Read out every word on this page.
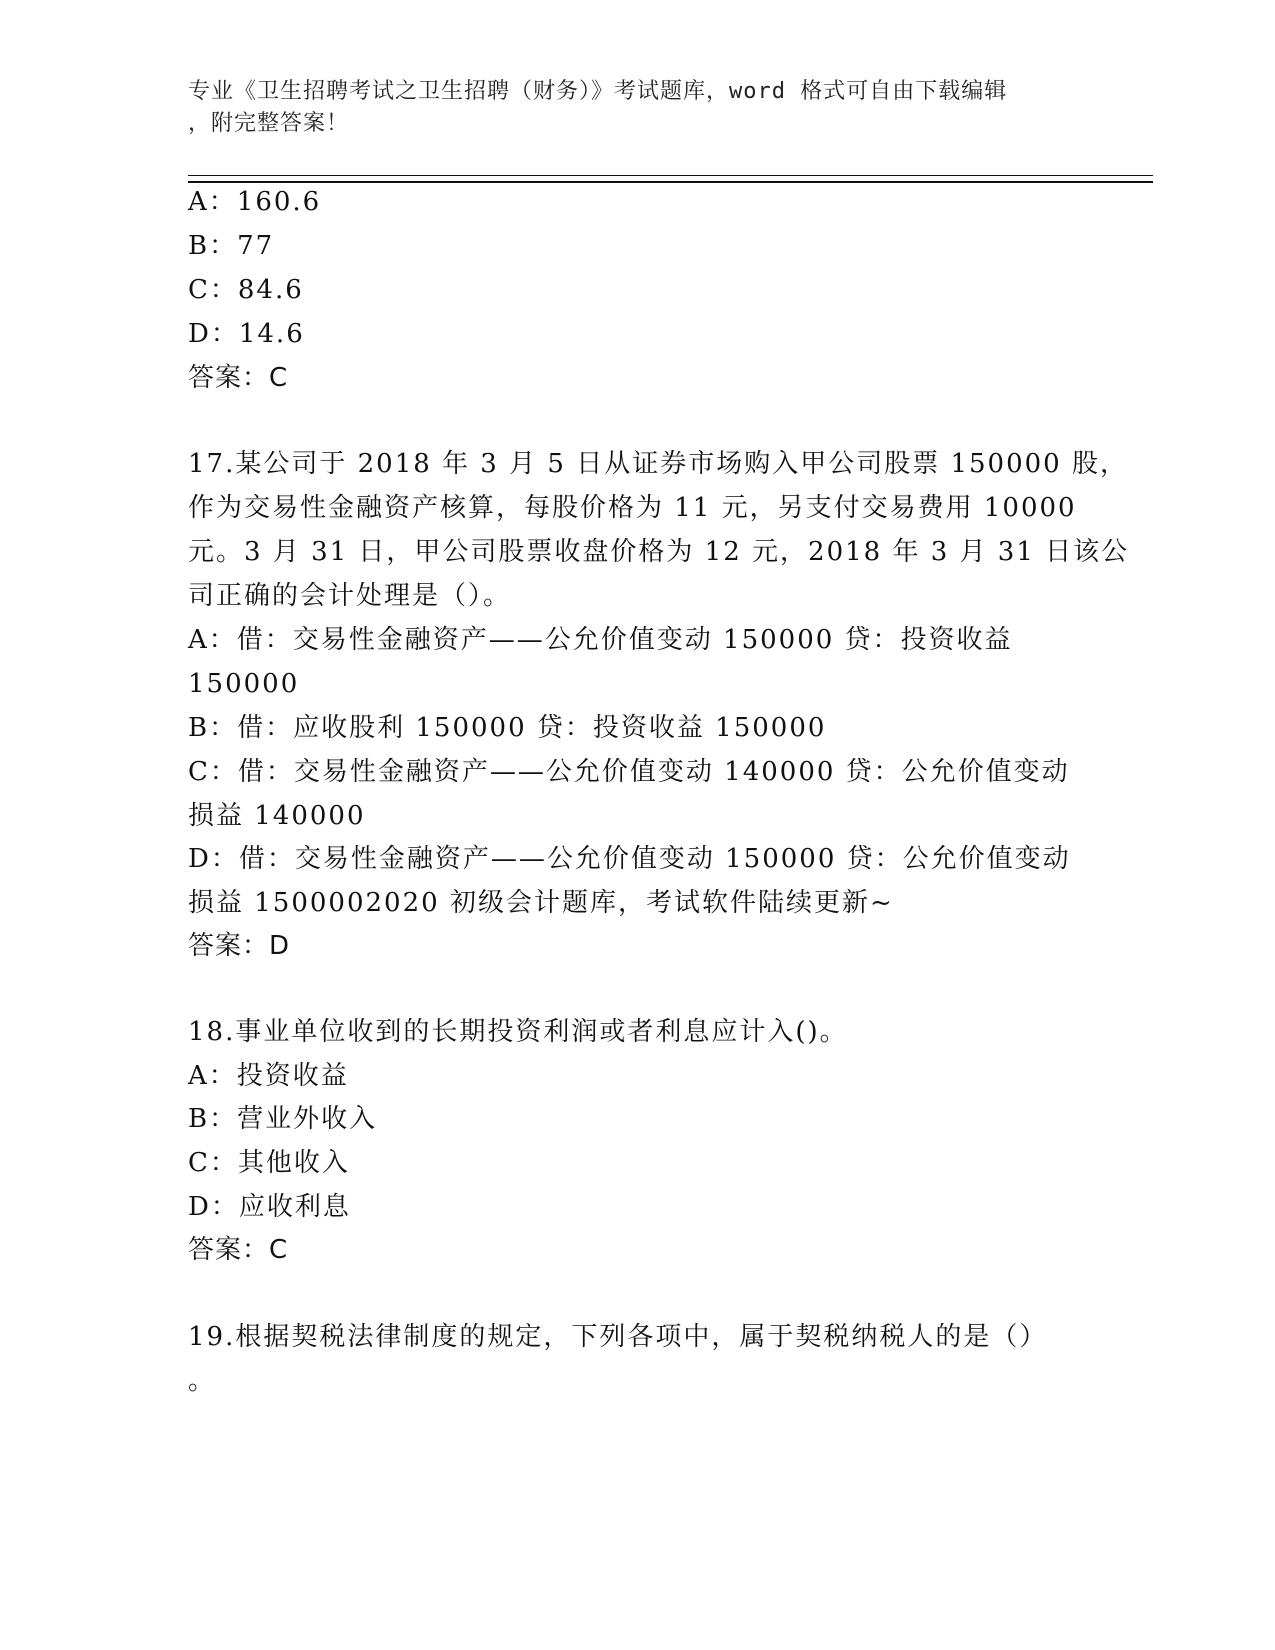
专业《卫生招聘考试之卫生招聘（财务）》考试题库，word 格式可自由下载编辑
，附完整答案！
A：160.6
B：77
C：84.6
D：14.6
答案：C
17.某公司于 2018 年 3 月 5 日从证券市场购入甲公司股票 150000 股，
作为交易性金融资产核算，每股价格为 11 元，另支付交易费用 10000
元。3 月 31 日，甲公司股票收盘价格为 12 元，2018 年 3 月 31 日该公
司正确的会计处理是（）。
A：借：交易性金融资产——公允价值变动 150000 贷：投资收益
150000
B：借：应收股利 150000 贷：投资收益 150000
C：借：交易性金融资产——公允价值变动 140000 贷：公允价值变动
损益 140000
D：借：交易性金融资产——公允价值变动 150000 贷：公允价值变动
损益 1500002020 初级会计题库，考试软件陆续更新~
答案：D
18.事业单位收到的长期投资利润或者利息应计入()。
A：投资收益
B：营业外收入
C：其他收入
D：应收利息
答案：C
19.根据契税法律制度的规定，下列各项中，属于契税纳税人的是（）
。
